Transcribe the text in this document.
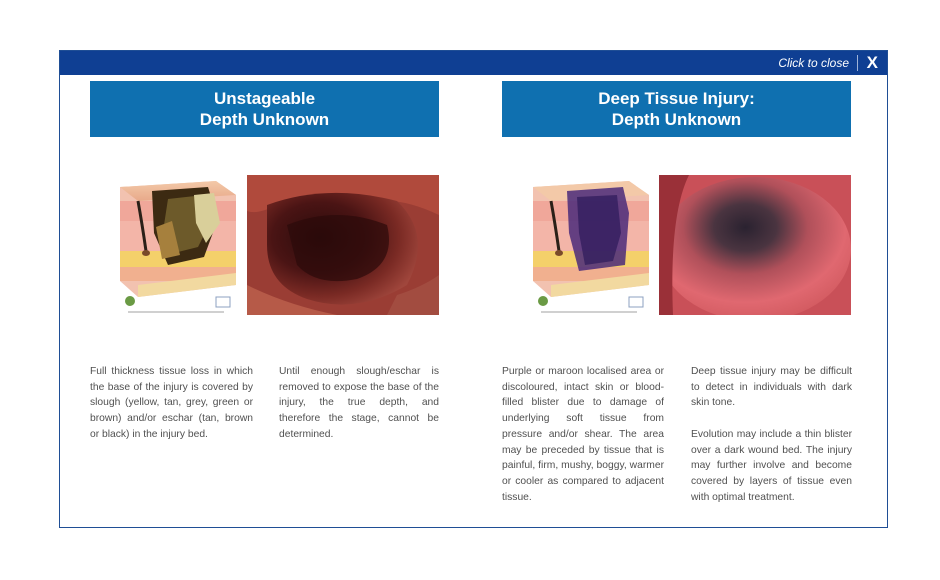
Click to close X
Unstageable
Depth Unknown

Full thickness tissue loss in which the base of the injury is covered by slough (yellow, tan, grey, green or brown) and/or eschar (tan, brown or black) in the injury bed.

Until enough slough/eschar is removed to expose the base of the injury, the true depth, and therefore the stage, cannot be determined.

Deep Tissue Injury:
Depth Unknown

Purple or maroon localised area or discoloured, intact skin or blood-filled blister due to damage of underlying soft tissue from pressure and/or shear. The area may be preceded by tissue that is painful, firm, mushy, boggy, warmer or cooler as compared to adjacent tissue.

Deep tissue injury may be difficult to detect in individuals with dark skin tone.

Evolution may include a thin blister over a dark wound bed. The injury may further involve and become covered by layers of tissue even with optimal treatment.
